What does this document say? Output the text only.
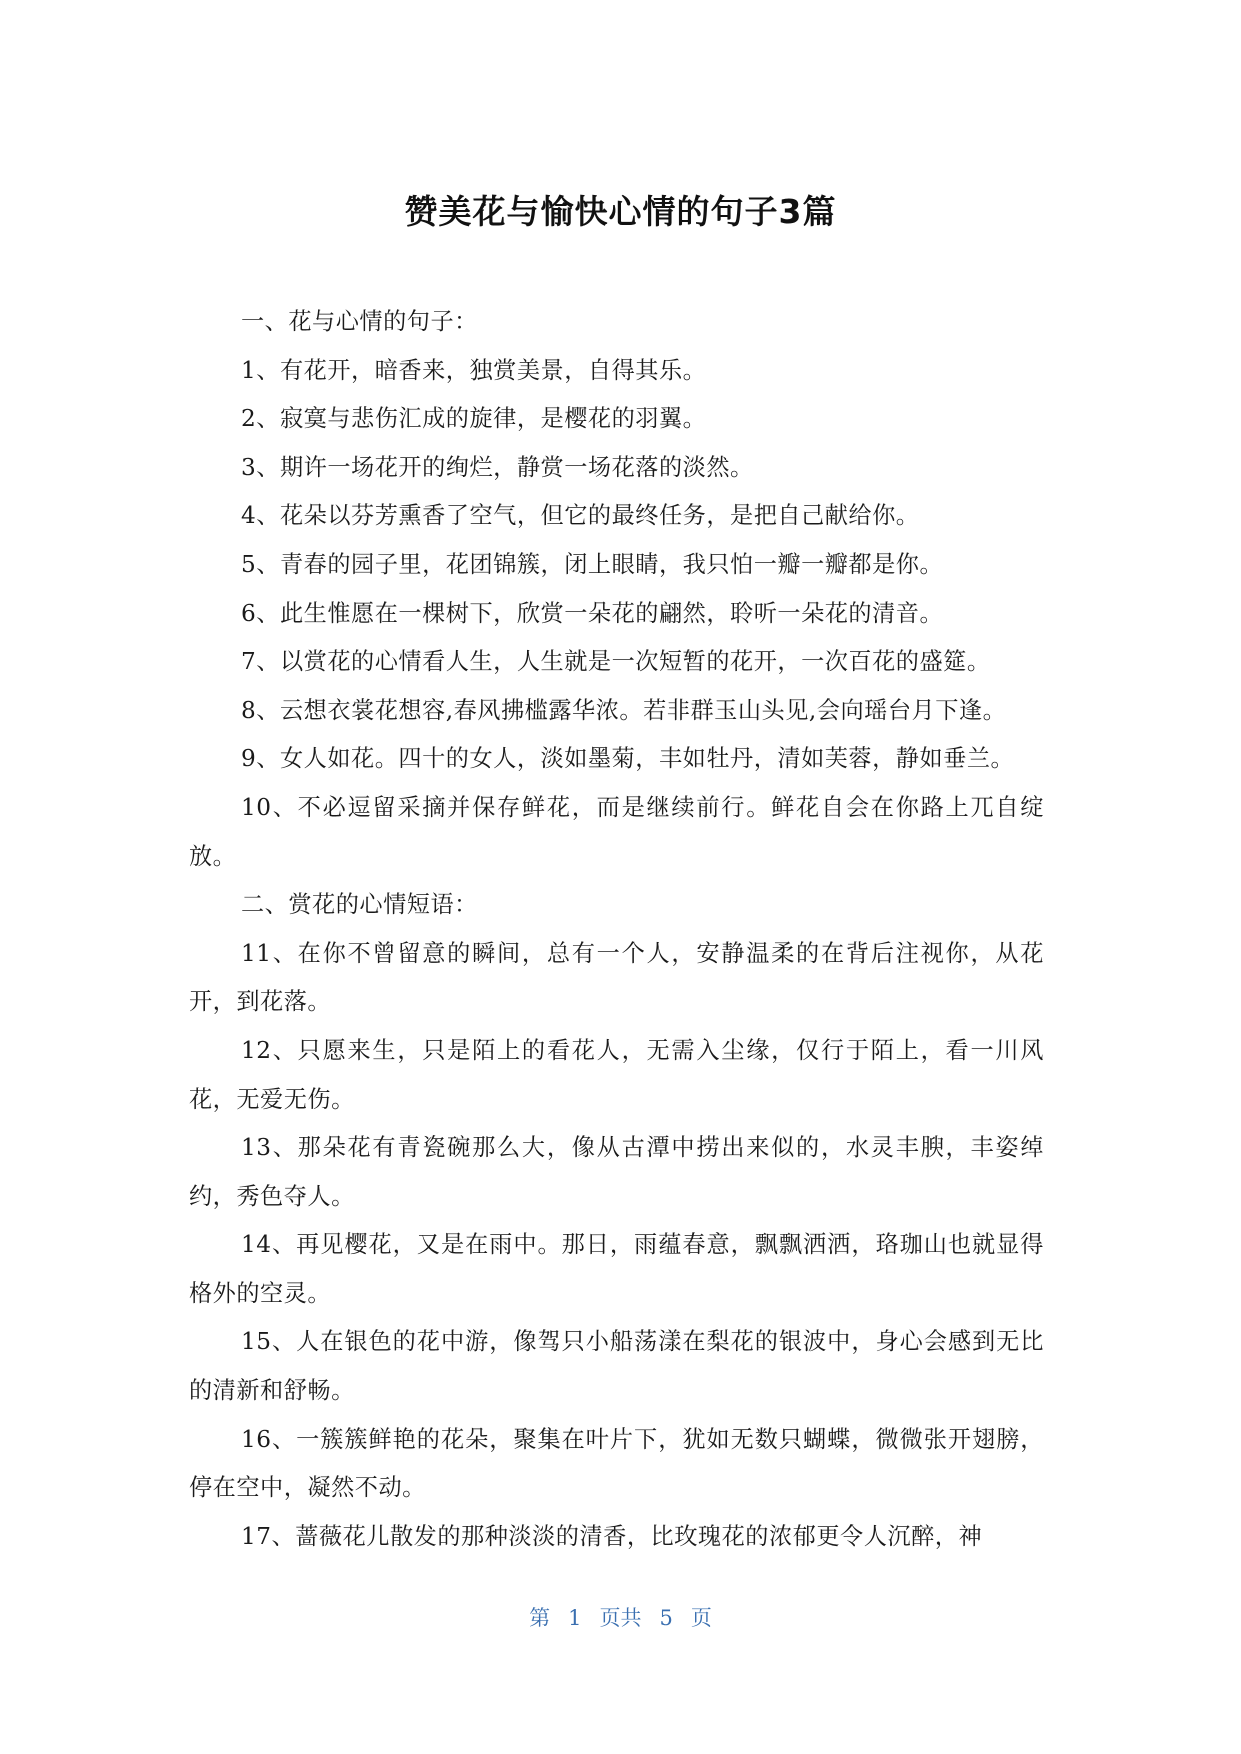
赞美花与愉快心情的句子3篇

一、花与心情的句子：

1、有花开，暗香来，独赏美景，自得其乐。

2、寂寞与悲伤汇成的旋律，是樱花的羽翼。

3、期许一场花开的绚烂，静赏一场花落的淡然。

4、花朵以芬芳熏香了空气，但它的最终任务，是把自己献给你。

5、青春的园子里，花团锦簇，闭上眼睛，我只怕一瓣一瓣都是你。

6、此生惟愿在一棵树下，欣赏一朵花的翩然，聆听一朵花的清音。

7、以赏花的心情看人生，人生就是一次短暂的花开，一次百花的盛筵。

8、云想衣裳花想容,春风拂槛露华浓。若非群玉山头见,会向瑶台月下逢。

9、女人如花。四十的女人，淡如墨菊，丰如牡丹，清如芙蓉，静如垂兰。

10、不必逗留采摘并保存鲜花，而是继续前行。鲜花自会在你路上兀自绽放。

二、赏花的心情短语：

11、在你不曾留意的瞬间，总有一个人，安静温柔的在背后注视你，从花开，到花落。

12、只愿来生，只是陌上的看花人，无需入尘缘，仅行于陌上，看一川风花，无爱无伤。

13、那朵花有青瓷碗那么大，像从古潭中捞出来似的，水灵丰腴，丰姿绰约，秀色夺人。

14、再见樱花，又是在雨中。那日，雨蕴春意，飘飘洒洒，珞珈山也就显得格外的空灵。

15、人在银色的花中游，像驾只小船荡漾在梨花的银波中，身心会感到无比的清新和舒畅。

16、一簇簇鲜艳的花朵，聚集在叶片下，犹如无数只蝴蝶，微微张开翅膀，停在空中，凝然不动。

17、蔷薇花儿散发的那种淡淡的清香，比玫瑰花的浓郁更令人沉醉，神

第 1 页共 5 页
